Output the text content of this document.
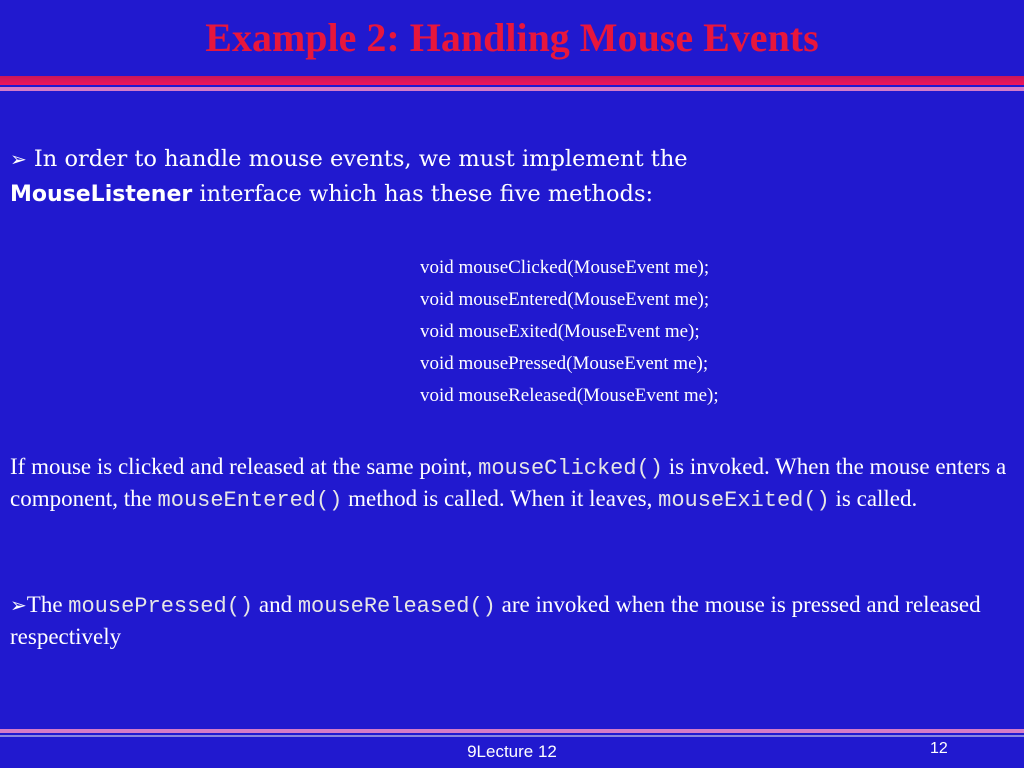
Example 2: Handling Mouse Events
➢ In order to handle mouse events, we must implement the
MouseListener interface which has these five methods:
void mouseClicked(MouseEvent me);
void mouseEntered(MouseEvent me);
void mouseExited(MouseEvent me);
void mousePressed(MouseEvent me);
void mouseReleased(MouseEvent me);
If mouse is clicked and released at the same point, mouseClicked() is invoked. When the mouse enters a component, the mouseEntered() method is called. When it leaves, mouseExited() is called.
➢The mousePressed() and mouseReleased() are invoked when the mouse is pressed and released respectively
9Lecture 12	12
